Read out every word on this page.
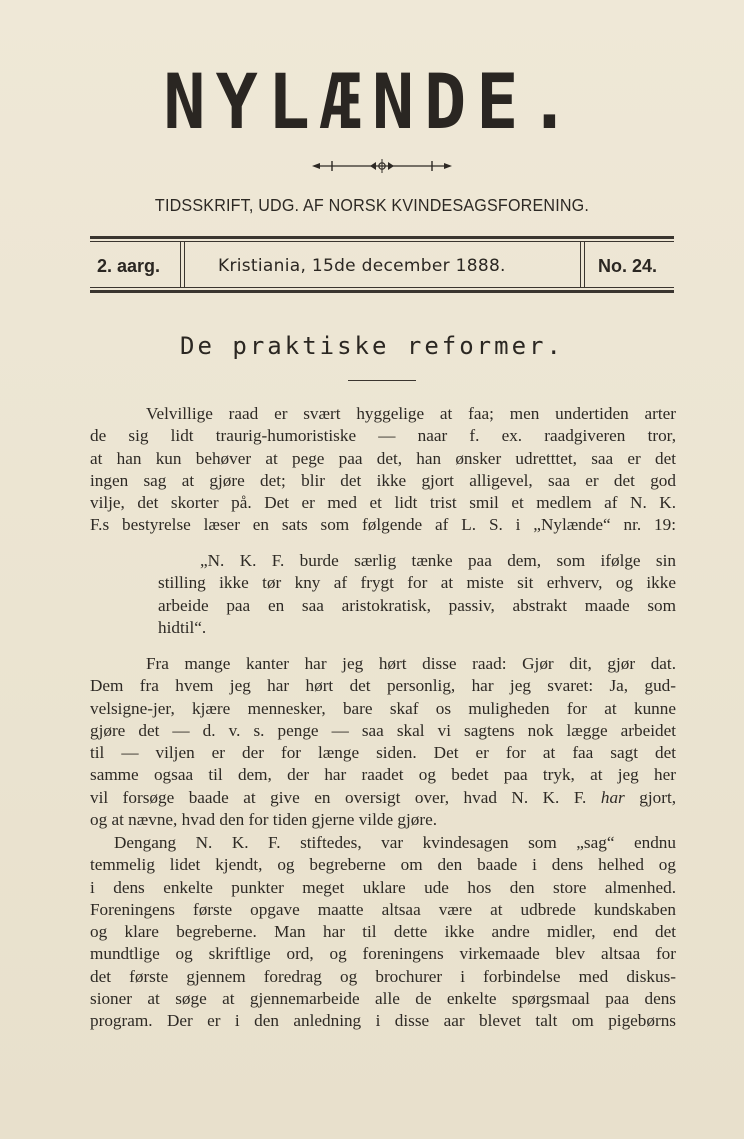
NYLÆNDE.
TIDSSKRIFT, UDG. AF NORSK KVINDESAGSFORENING.
2. aarg.	Kristiania, 15de december 1888.	No. 24.
De praktiske reformer.

Velvillige raad er svært hyggelige at faa; men undertiden arter
de sig lidt traurig-humoristiske — naar f. ex. raadgiveren tror,
at han kun behøver at pege paa det, han ønsker udretttet, saa er det
ingen sag at gjøre det; blir det ikke gjort alligevel, saa er det god
vilje, det skorter på. Det er med et lidt trist smil et medlem af N. K.
F.s bestyrelse læser en sats som følgende af L. S. i „Nylænde“ nr. 19:

„N. K. F. burde særlig tænke paa dem, som ifølge sin
stilling ikke tør kny af frygt for at miste sit erhverv, og ikke
arbeide paa en saa aristokratisk, passiv, abstrakt maade som
hidtil“.

Fra mange kanter har jeg hørt disse raad: Gjør dit, gjør dat.
Dem fra hvem jeg har hørt det personlig, har jeg svaret: Ja, gud-
velsigne-jer, kjære mennesker, bare skaf os muligheden for at kunne
gjøre det — d. v. s. penge — saa skal vi sagtens nok lægge arbeidet
til — viljen er der for længe siden. Det er for at faa sagt det
samme ogsaa til dem, der har raadet og bedet paa tryk, at jeg her
vil forsøge baade at give en oversigt over, hvad N. K. F. har gjort,
og at nævne, hvad den for tiden gjerne vilde gjøre.

Dengang N. K. F. stiftedes, var kvindesagen som „sag“ endnu
temmelig lidet kjendt, og begreberne om den baade i dens helhed og
i dens enkelte punkter meget uklare ude hos den store almenhed.
Foreningens første opgave maatte altsaa være at udbrede kundskaben
og klare begreberne. Man har til dette ikke andre midler, end det
mundtlige og skriftlige ord, og foreningens virkemaade blev altsaa for
det første gjennem foredrag og brochurer i forbindelse med diskus-
sioner at søge at gjennemarbeide alle de enkelte spørgsmaal paa dens
program. Der er i den anledning i disse aar blevet talt om pigebørns
